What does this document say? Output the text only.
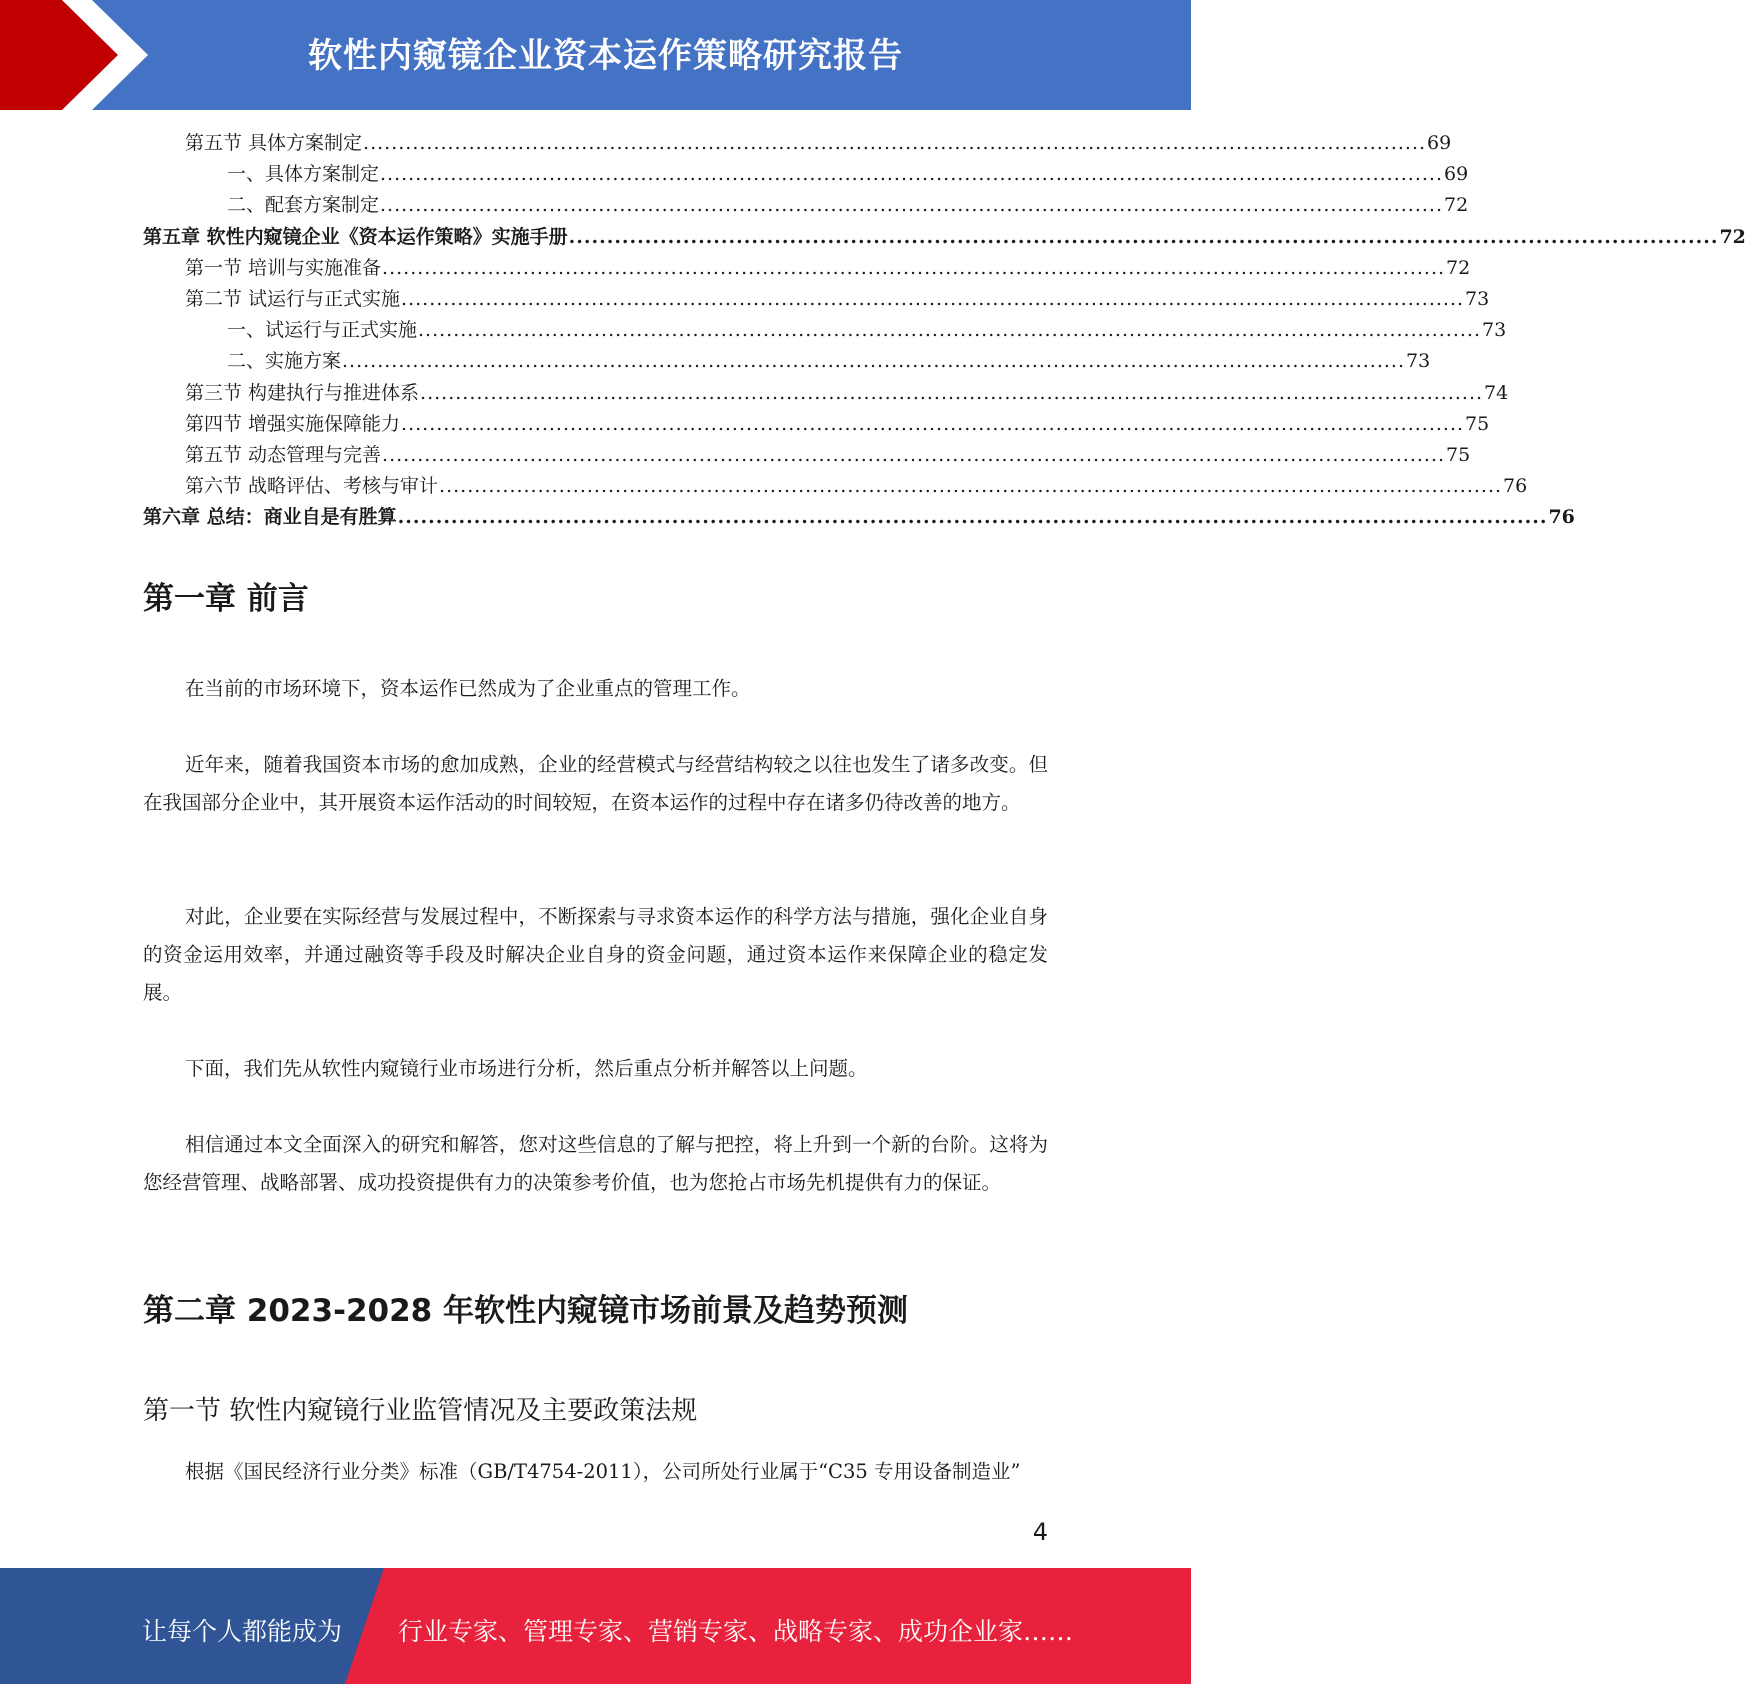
软性内窥镜企业资本运作策略研究报告
第五节 具体方案制定 ....................................................................................................................................................... 69
一、具体方案制定 ....................................................................................................................................................... 69
二、配套方案制定 ....................................................................................................................................................... 72
第五章 软性内窥镜企业《资本运作策略》实施手册 ....................................................................................................................................................... 72
第一节 培训与实施准备 ....................................................................................................................................................... 72
第二节 试运行与正式实施 ....................................................................................................................................................... 73
一、试运行与正式实施 ....................................................................................................................................................... 73
二、实施方案 ....................................................................................................................................................... 73
第三节 构建执行与推进体系 ....................................................................................................................................................... 74
第四节 增强实施保障能力 ....................................................................................................................................................... 75
第五节 动态管理与完善 ....................................................................................................................................................... 75
第六节 战略评估、考核与审计 ....................................................................................................................................................... 76
第六章 总结：商业自是有胜算 ....................................................................................................................................................... 76
第一章 前言
在当前的市场环境下，资本运作已然成为了企业重点的管理工作。
近年来，随着我国资本市场的愈加成熟，企业的经营模式与经营结构较之以往也发生了诸多改变。但在我国部分企业中，其开展资本运作活动的时间较短，在资本运作的过程中存在诸多仍待改善的地方。
对此，企业要在实际经营与发展过程中，不断探索与寻求资本运作的科学方法与措施，强化企业自身的资金运用效率，并通过融资等手段及时解决企业自身的资金问题，通过资本运作来保障企业的稳定发展。
下面，我们先从软性内窥镜行业市场进行分析，然后重点分析并解答以上问题。
相信通过本文全面深入的研究和解答，您对这些信息的了解与把控，将上升到一个新的台阶。这将为您经营管理、战略部署、成功投资提供有力的决策参考价值，也为您抢占市场先机提供有力的保证。
第二章 2023-2028 年软性内窥镜市场前景及趋势预测
第一节 软性内窥镜行业监管情况及主要政策法规
根据《国民经济行业分类》标准（GB/T4754-2011），公司所处行业属于“C35 专用设备制造业”
4
让每个人都能成为 行业专家、管理专家、营销专家、战略专家、成功企业家……
